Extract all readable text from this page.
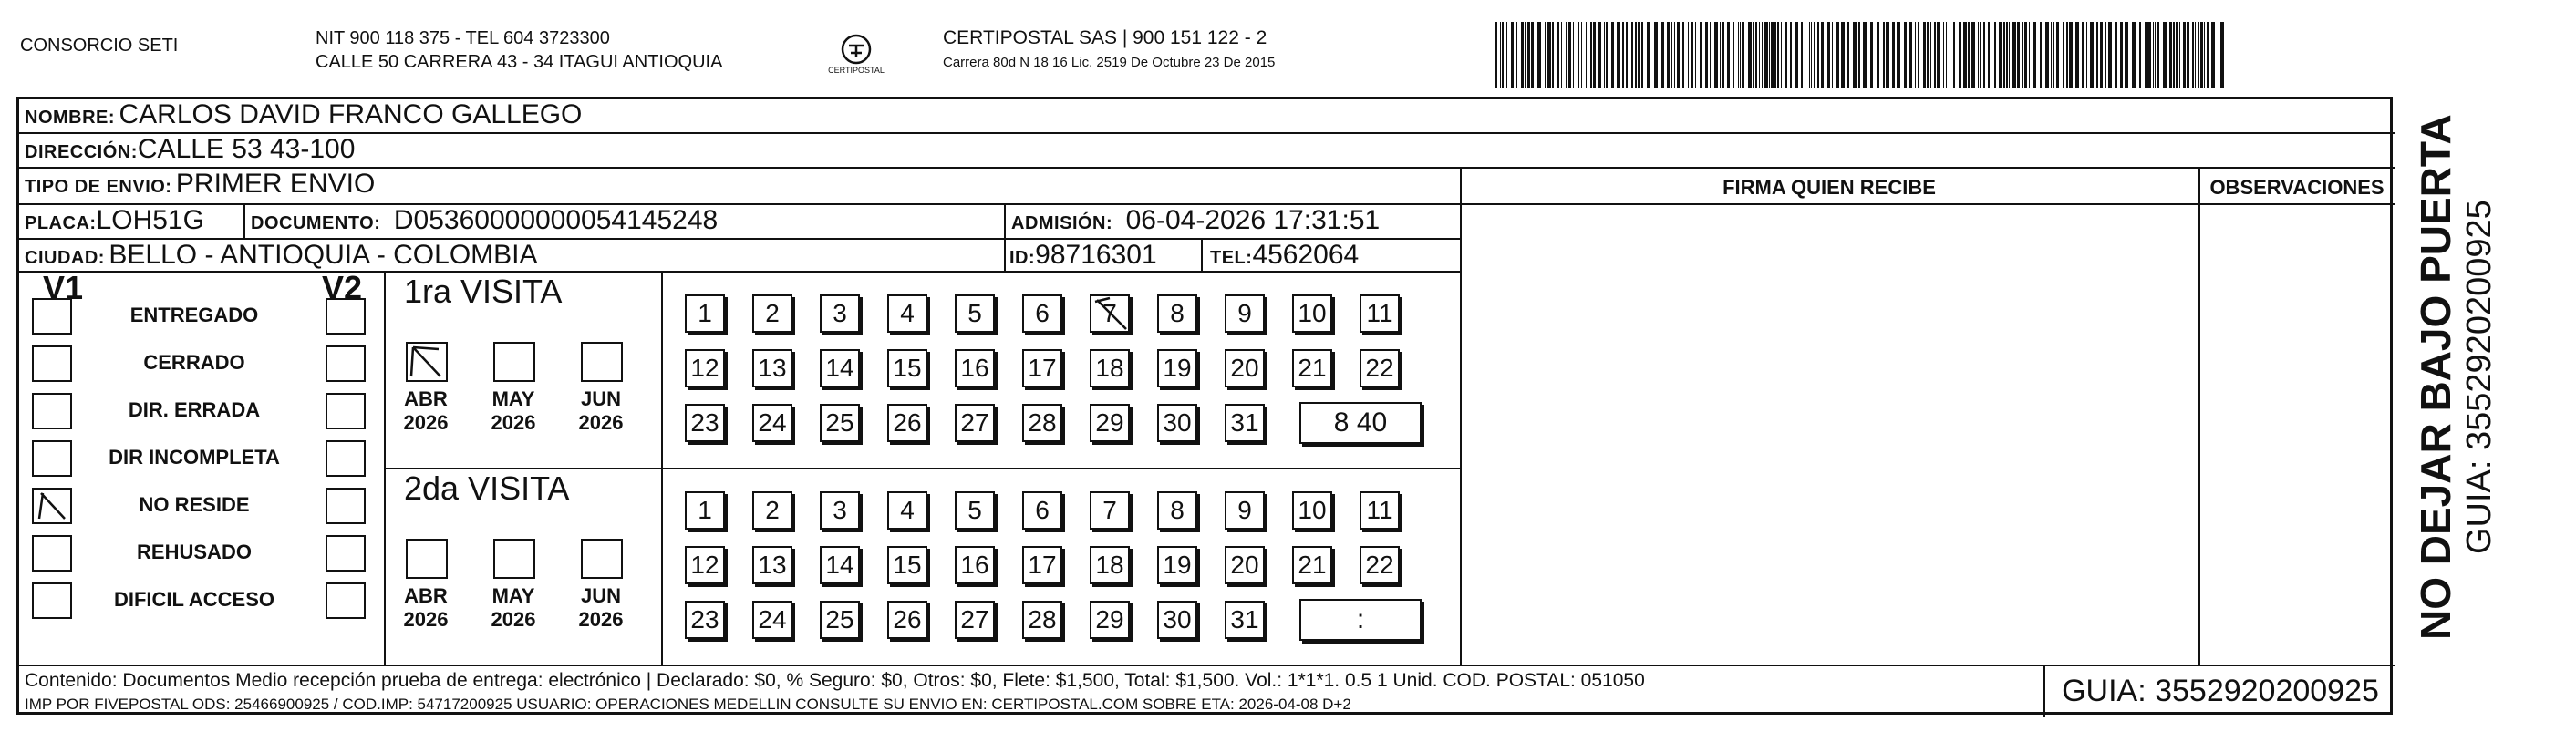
CONSORCIO SETI	NIT 900 118 375 - TEL 604 3723300
CALLE 50 CARRERA 43 - 34 ITAGUI ANTIOQUIA	CERTIPOSTAL
CERTIPOSTAL SAS | 900 151 122 - 2
Carrera 80d N 18 16 Lic. 2519 De Octubre 23 De 2015
NOMBRE: CARLOS DAVID FRANCO GALLEGO
DIRECCIÓN:CALLE 53 43-100
TIPO DE ENVIO: PRIMER ENVIO	FIRMA QUIEN RECIBE	OBSERVACIONES
PLACA:LOH51G	DOCUMENTO: D05360000000054145248	ADMISIÓN: 06-04-2026 17:31:51
CIUDAD: BELLO - ANTIOQUIA - COLOMBIA	ID:98716301	TEL:4562064
V1	V2
ENTREGADO
CERRADO
DIR. ERRADA
DIR INCOMPLETA
NO RESIDE
REHUSADO
DIFICIL ACCESO
1ra VISITA
ABR
2026
MAY
2026
JUN
2026
1	2	3	4	5	6	7	8	9	10 11
12 13 14 15 16 17 18 19 20 21 22
23 24 25 26 27 28 29 30 31	8 40
2da VISITA
ABR
2026
MAY
2026
JUN
2026
1	2	3	4	5	6	7	8	9	10 11
12 13 14 15 16 17 18 19 20 21 22
23 24 25 26 27 28 29 30 31	:
Contenido: Documentos Medio recepción prueba de entrega: electrónico | Declarado: $0, % Seguro: $0, Otros: $0, Flete: $1,500, Total: $1,500. Vol.: 1*1*1. 0.5 1 Unid. COD. POSTAL: 051050
IMP POR FIVEPOSTAL ODS: 25466900925 / COD.IMP: 54717200925 USUARIO: OPERACIONES MEDELLIN CONSULTE SU ENVIO EN: CERTIPOSTAL.COM SOBRE ETA: 2026-04-08 D+2	GUIA: 3552920200925
NO DEJAR BAJO PUERTA GUIA: 3552920200925
